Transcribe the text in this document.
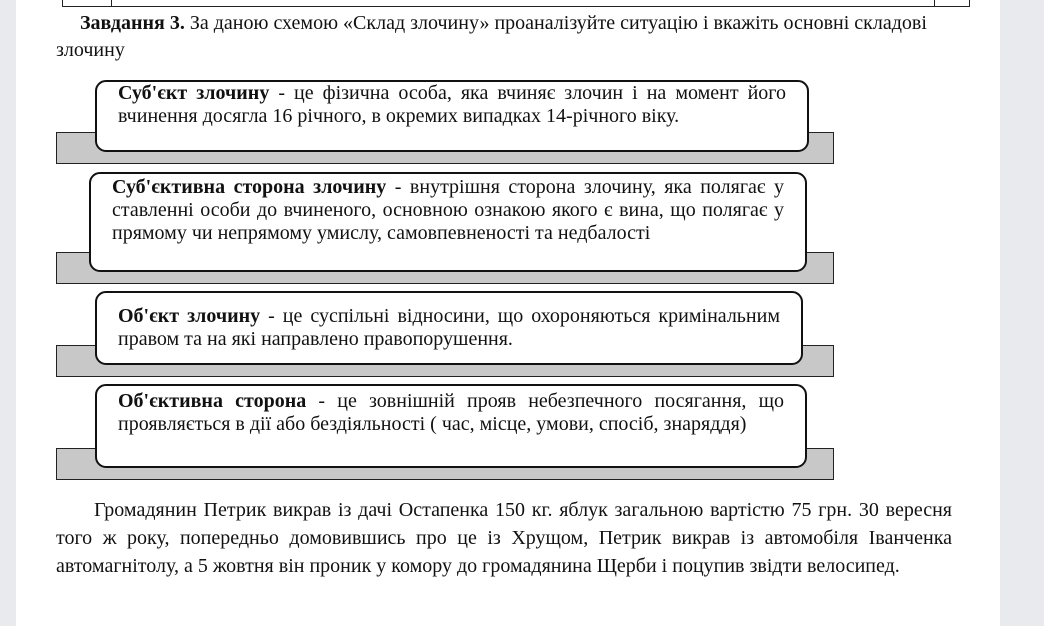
Завдання 3. За даною схемою «Склад злочину» проаналізуйте ситуацію і вкажіть основні складові злочину
Суб'єкт злочину - це фізична особа, яка вчиняє злочин і на момент його вчинення досягла 16 річного, в окремих випадках 14-річного віку.
Суб'єктивна сторона злочину - внутрішня сторона злочину, яка полягає у ставленні особи до вчиненого, основною ознакою якого є вина, що полягає у прямому чи непрямому умислу, самовпевненості та недбалості
Об'єкт злочину - це суспільні відносини, що охороняються кримінальним правом та на які направлено правопорушення.
Об'єктивна сторона - це зовнішній прояв небезпечного посягання, що проявляється в дії або бездіяльності ( час, місце, умови, спосіб, знаряддя)
Громадянин Петрик викрав із дачі Остапенка 150 кг. яблук загальною вартістю 75 грн. 30 вересня того ж року, попередньо домовившись про це із Хрущом, Петрик викрав із автомобіля Іванченка автомагнітолу, а 5 жовтня він проник у комору до громадянина Щерби і поцупив звідти велосипед.
